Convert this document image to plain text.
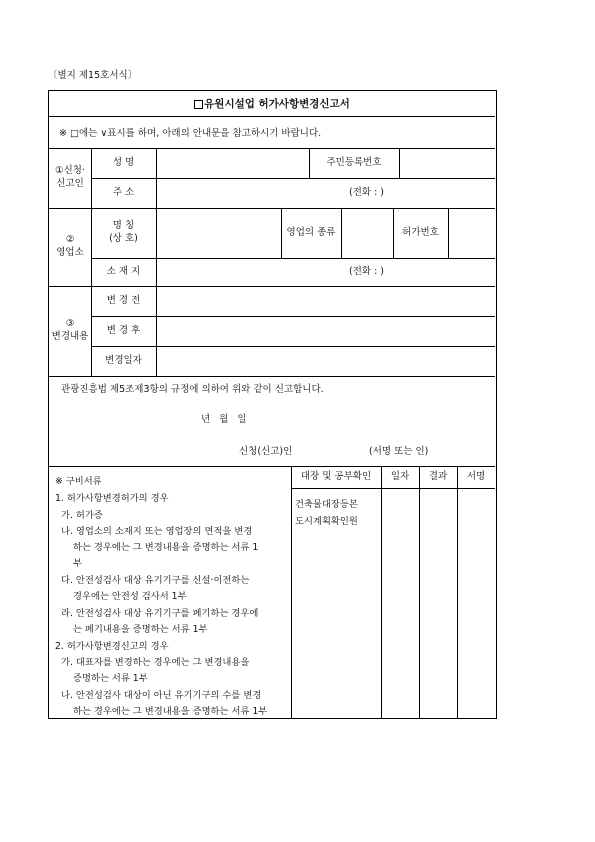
〔별지 제15호서식〕
유원시설업 허가사항변경신고서
※ □에는 ∨표시를 하며, 아래의 안내문을 참고하시기 바랍니다.
①신청·
신고인
성 명	주민등록번호
주 소	(전화 : )
②
영업소
명 칭
(상 호)
영업의 종류	허가번호
소 재 지	(전화 : )
③
변경내용
변 경 전
변 경 후
변경일자
관광진흥법 제5조제3항의 규정에 의하여 위와 같이 신고합니다.
년 월 일
신청(신고)인	(서명 또는 인)
※ 구비서류
1. 허가사항변경허가의 경우
가. 허가증
나. 영업소의 소재지 또는 영업장의 면적을 변경
하는 경우에는 그 변경내용을 증명하는 서류 1
부
다. 안전성검사 대상 유기기구를 신설·이전하는
경우에는 안전성 검사서 1부
라. 안전성검사 대상 유기기구를 폐기하는 경우에
는 폐기내용을 증명하는 서류 1부
2. 허가사항변경신고의 경우
가. 대표자를 변경하는 경우에는 그 변경내용을
증명하는 서류 1부
나. 안전성검사 대상이 아닌 유기기구의 수를 변경
하는 경우에는 그 변경내용을 증명하는 서류 1부
대장 및 공부확인	일자	결과	서명
건축물대장등본
도시계획확인원
